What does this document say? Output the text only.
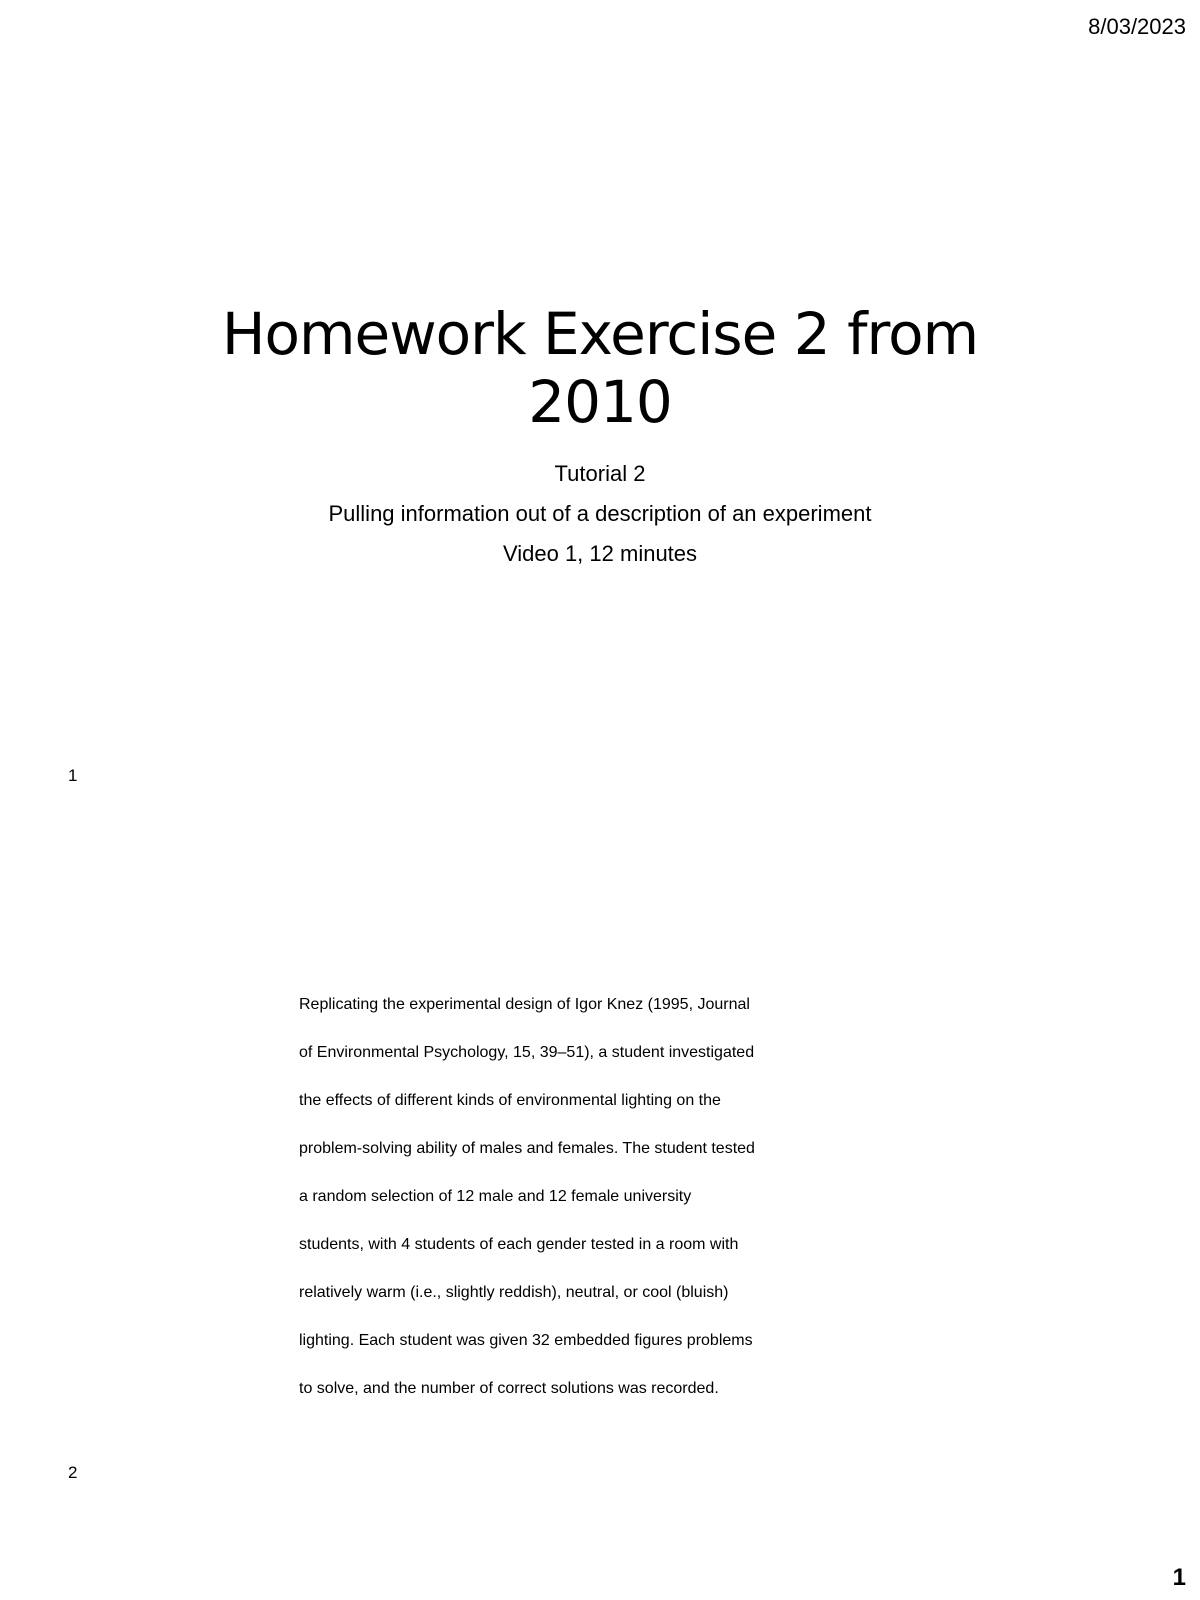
8/03/2023
Homework Exercise 2 from 2010
Tutorial 2
Pulling information out of a description of an experiment
Video 1, 12 minutes
1

Replicating the experimental design of Igor Knez (1995, Journal

of Environmental Psychology, 15, 39–51), a student investigated

the effects of different kinds of environmental lighting on the

problem-solving ability of males and females. The student tested

a random selection of 12 male and 12 female university

students, with 4 students of each gender tested in a room with

relatively warm (i.e., slightly reddish), neutral, or cool (bluish)

lighting. Each student was given 32 embedded figures problems

to solve, and the number of correct solutions was recorded.

2
1
